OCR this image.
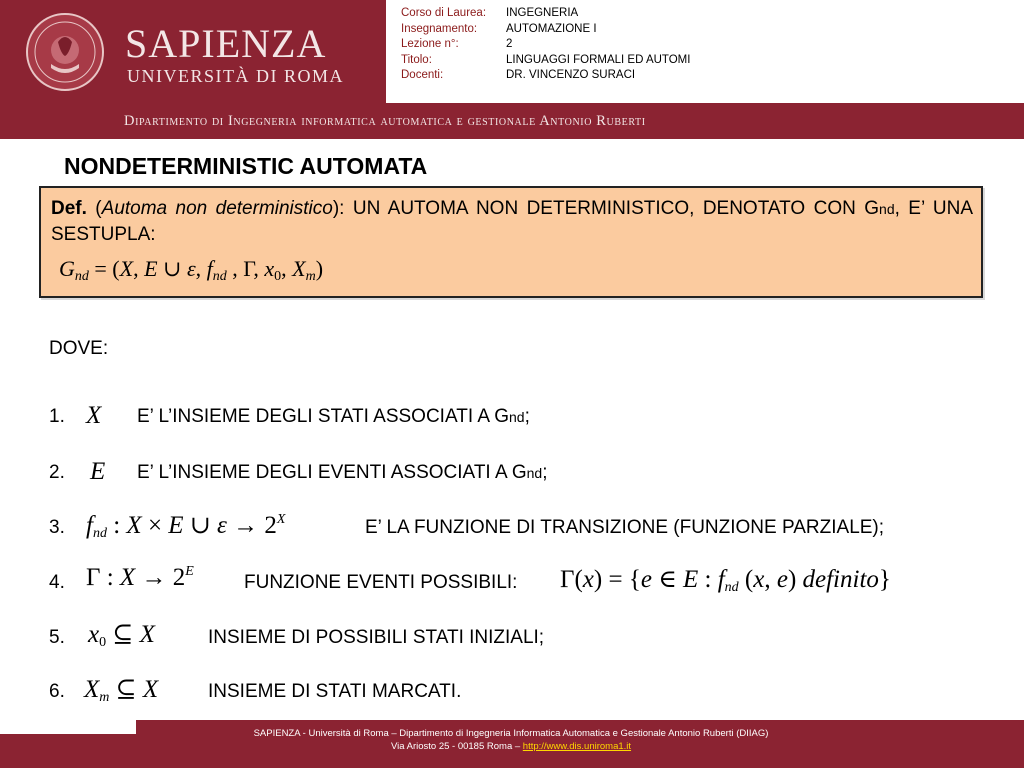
SAPIENZA
UNIVERSITÀ DI ROMA
Corso di Laurea:	INGEGNERIA
Insegnamento:	AUTOMAZIONE I
Lezione n°:	2
Titolo:	LINGUAGGI FORMALI ED AUTOMI
Docenti:	DR. VINCENZO SURACI
Dipartimento di Ingegneria informatica automatica e gestionale Antonio Ruberti
NONDETERMINISTIC AUTOMATA
Def. (Automa non deterministico): UN AUTOMA NON DETERMINISTICO, DENOTATO CON Gnd, E’ UNA SESTUPLA:
$G_{nd} = (X$, E ∪ ε, $f_{nd}$ , Γ, $x_0$, $X_m$)
DOVE:
1. X E’ L’INSIEME DEGLI STATI ASSOCIATI A Gnd;
2.	E E’ L’INSIEME DEGLI EVENTI ASSOCIATI A Gnd;
3. $f_{nd}$ : X × E ∪ $\varepsilon \to 2^X$	E’ LA FUNZIONE DI TRANSIZIONE (FUNZIONE PARZIALE);
4. Γ : $X \to 2^E$
FUNZIONE EVENTI POSSIBILI: Γ(x) = {e ∈ E : $f_{nd}$ (x, e) definito}
5. $x_0$ ⊆ X	INSIEME DI POSSIBILI STATI INIZIALI;
6. $X_m$ ⊆ X	INSIEME DI STATI MARCATI.
SAPIENZA - Università di Roma – Dipartimento di Ingegneria Informatica Automatica e Gestionale Antonio Ruberti (DIIAG)
Via Ariosto 25 - 00185 Roma – http://www.dis.uniroma1.it
